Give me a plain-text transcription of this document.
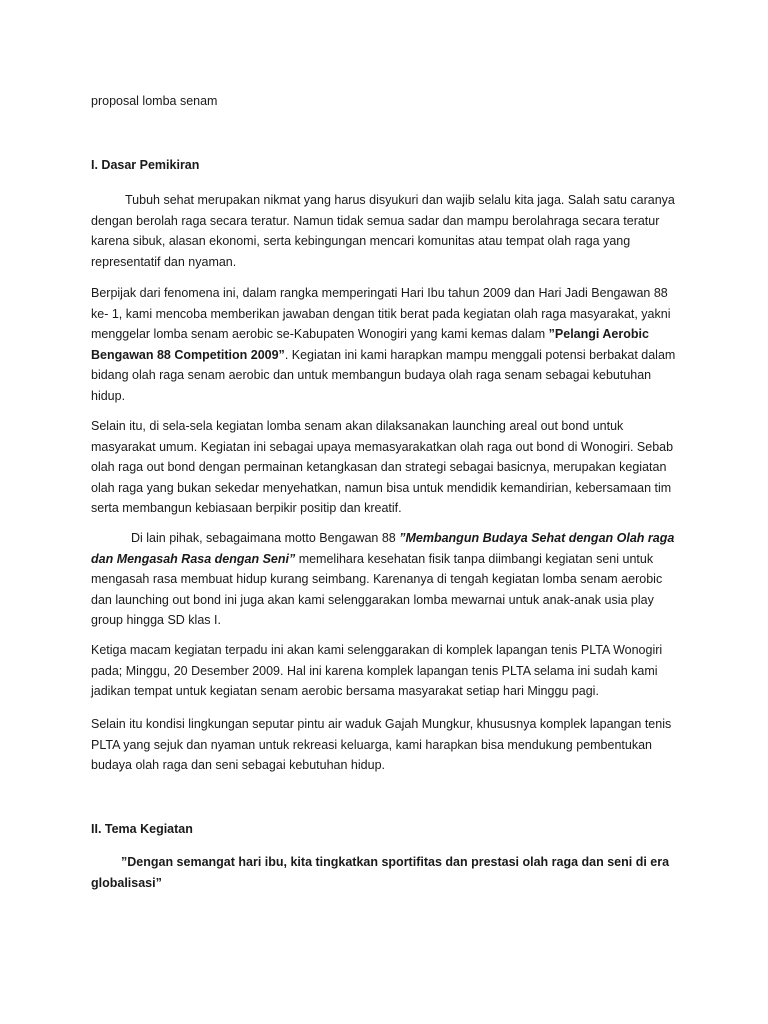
proposal lomba senam

I. Dasar Pemikiran

Tubuh sehat merupakan nikmat yang harus disyukuri dan wajib selalu kita jaga. Salah satu caranya dengan berolah raga secara teratur. Namun tidak semua sadar dan mampu berolahraga secara teratur karena sibuk, alasan ekonomi, serta kebingungan mencari komunitas atau tempat olah raga yang representatif dan nyaman.

Berpijak dari fenomena ini, dalam rangka memperingati Hari Ibu tahun 2009 dan Hari Jadi Bengawan 88 ke- 1, kami mencoba memberikan jawaban dengan titik berat pada kegiatan olah raga masyarakat, yakni menggelar lomba senam aerobic se-Kabupaten Wonogiri yang kami kemas dalam ”Pelangi Aerobic Bengawan 88 Competition 2009”. Kegiatan ini kami harapkan mampu menggali potensi berbakat dalam bidang olah raga senam aerobic dan untuk membangun budaya olah raga senam sebagai kebutuhan hidup.

Selain itu, di sela-sela kegiatan lomba senam akan dilaksanakan launching areal out bond untuk masyarakat umum. Kegiatan ini sebagai upaya memasyarakatkan olah raga out bond di Wonogiri. Sebab olah raga out bond dengan permainan ketangkasan dan strategi sebagai basicnya, merupakan kegiatan olah raga yang bukan sekedar menyehatkan, namun bisa untuk mendidik kemandirian, kebersamaan tim serta membangun kebiasaan berpikir positip dan kreatif.

Di lain pihak, sebagaimana motto Bengawan 88 ”Membangun Budaya Sehat dengan Olah raga dan Mengasah Rasa dengan Seni” memelihara kesehatan fisik tanpa diimbangi kegiatan seni untuk mengasah rasa membuat hidup kurang seimbang. Karenanya di tengah kegiatan lomba senam aerobic dan launching out bond ini juga akan kami selenggarakan lomba mewarnai untuk anak-anak usia play group hingga SD klas I.

Ketiga macam kegiatan terpadu ini akan kami selenggarakan di komplek lapangan tenis PLTA Wonogiri pada; Minggu, 20 Desember 2009. Hal ini karena komplek lapangan tenis PLTA selama ini sudah kami jadikan tempat untuk kegiatan senam aerobic bersama masyarakat setiap hari Minggu pagi.

Selain itu kondisi lingkungan seputar pintu air waduk Gajah Mungkur, khususnya komplek lapangan tenis PLTA yang sejuk dan nyaman untuk rekreasi keluarga, kami harapkan bisa mendukung pembentukan budaya olah raga dan seni sebagai kebutuhan hidup.

II. Tema Kegiatan

”Dengan semangat hari ibu, kita tingkatkan sportifitas dan prestasi olah raga dan seni di era globalisasi”
